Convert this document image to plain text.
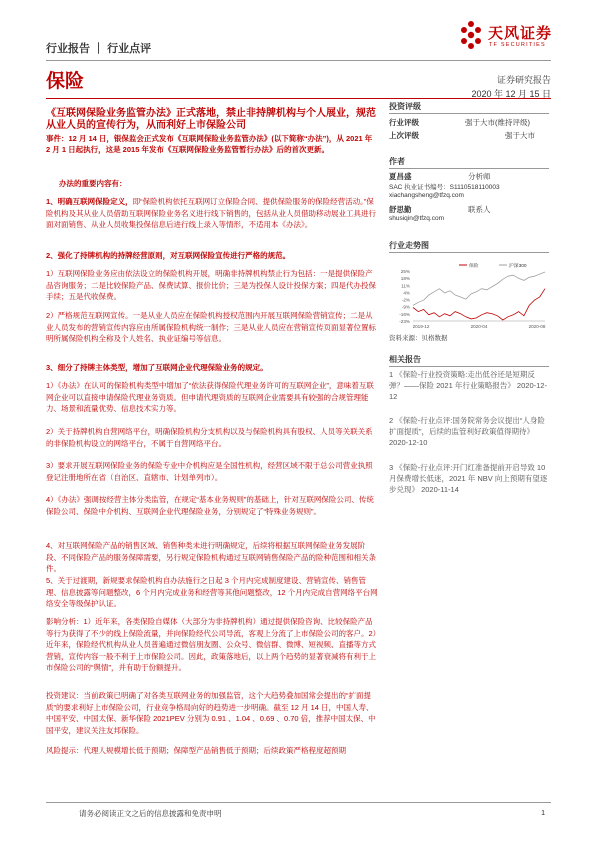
天风证券
TF SECURITIES
行业报告 ｜ 行业点评
保险	证券研究报告
2020 年 12 月 15 日
《互联网保险业务监管办法》正式落地，禁止非持牌机构与个人展业，规范从业人员的宣传行为，从而利好上市保险公司
事件：12 月 14 日，银保监会正式发布《互联网保险业务监管办法》(以下简称“办法”)，从 2021 年 2 月 1 日起执行，这是 2015 年发布《互联网保险业务监管暂行办法》后的首次更新。
办法的重要内容有：
1、明确互联网保险定义，即“保险机构依托互联网订立保险合同、提供保险服务的保险经营活动。”保险机构及其从业人员借助互联网保险业务名义进行线下销售的，包括从业人员借助移动展业工具进行面对面销售、从业人员收集投保信息后进行线上录入等情形，不适用本《办法》。
2、强化了持牌机构的持牌经营原则，对互联网保险宣传进行严格的规范。
1）互联网保险业务应由依法设立的保险机构开展，明确非持牌机构禁止行为包括：一是提供保险产品咨询服务；二是比较保险产品、保费试算、报价比价；三是为投保人设计投保方案；四是代办投保手续；五是代收保费。
2）严格规范互联网宣传。一是从业人员应在保险机构授权范围内开展互联网保险营销宣传；二是从业人员发布的营销宣传内容应由所属保险机构统一制作；三是从业人员应在营销宣传页面显著位置标明所属保险机构全称及个人姓名、执业证编号等信息。
3、细分了持牌主体类型，增加了互联网企业代理保险业务的规定。
1）《办法》在认可的保险机构类型中增加了“依法获得保险代理业务许可的互联网企业”，意味着互联网企业可以直接申请保险代理业务资质。但申请代理资质的互联网企业需要具有较强的合规管理能力、场景和流量优势、信息技术实力等。
2）关于持牌机构自营网络平台，明确保险机构分支机构以及与保险机构具有股权、人员等关联关系的非保险机构设立的网络平台，不属于自营网络平台。
3）要求开展互联网保险业务的保险专业中介机构应是全国性机构，经营区域不限于总公司营业执照登记注册地所在省（自治区、直辖市、计划单列市）。
4）《办法》强调按经营主体分类监管，在规定“基本业务规则”的基础上，针对互联网保险公司、传统保险公司、保险中介机构、互联网企业代理保险业务，分别规定了“特殊业务规则”。
4、对互联网保险产品的销售区域、销售种类未进行明确规定，后续将根据互联网保险业务发展阶段、不同保险产品的服务保障需要，另行规定保险机构通过互联网销售保险产品的险种范围和相关条件。
5、关于过渡期，新规要求保险机构自办法施行之日起 3 个月内完成制度建设、营销宣传、销售管理、信息披露等问题整改，6 个月内完成业务和经营等其他问题整改，12 个月内完成自营网络平台网络安全等级保护认证。
影响分析：1）近年来，各类保险自媒体（大部分为非持牌机构）通过提供保险咨询、比较保险产品等行为获得了不少的线上保险流量，并向保险经代公司导流，客观上分流了上市保险公司的客户。2）近年来，保险经代机构从业人员普遍通过微信朋友圈、公众号、微信群、微博、短视频、直播等方式营销，宣传内容一般不利于上市保险公司。因此，政策落地后，以上两个趋势的显著衰减将有利于上市保险公司的“舆情”，并有助于份额提升。
投资建议：当前政策已明确了对各类互联网业务的加强监管，这个大趋势叠加国常会提出的“扩面提质”的要求利好上市保险公司，行业竞争格局向好的趋势进一步明确。截至 12 月 14 日，中国人寿、中国平安、中国太保、新华保险 2021PEV 分别为 0.91 、1.04 、0.69 、0.70 倍，推荐中国太保、中国平安，建议关注友邦保险。
风险提示：代理人规模增长低于预期；保障型产品销售低于预期；后续政策严格程度超预期
投资评级
行业评级	强于大市(维持评级)
上次评级	强于大市
作者
夏昌盛	分析师
SAC 执业证书编号：S1110518110003
xiachangsheng@tfzq.com
舒思勤	联系人
shusiqin@tfzq.com
行业走势图
25%
18%
11%
4%
-2%
-9%
-16%
-23%
2019-12	2020-04	2020-08
保险	沪深300
资料来源：贝格数据
相关报告
1 《保险-行业投资策略:走出低谷还是短期反弹？——保险 2021 年行业策略报告》 2020-12-12
2 《保险-行业点评:国务院常务会议提出“人身险扩面提质”，后续的监管利好政策值得期待》 2020-12-10
3 《保险-行业点评:开门红准备提前开启导致 10 月保费增长低迷，2021 年 NBV 向上预期有望逐步兑现》 2020-11-14
请务必阅读正文之后的信息披露和免责申明	1
